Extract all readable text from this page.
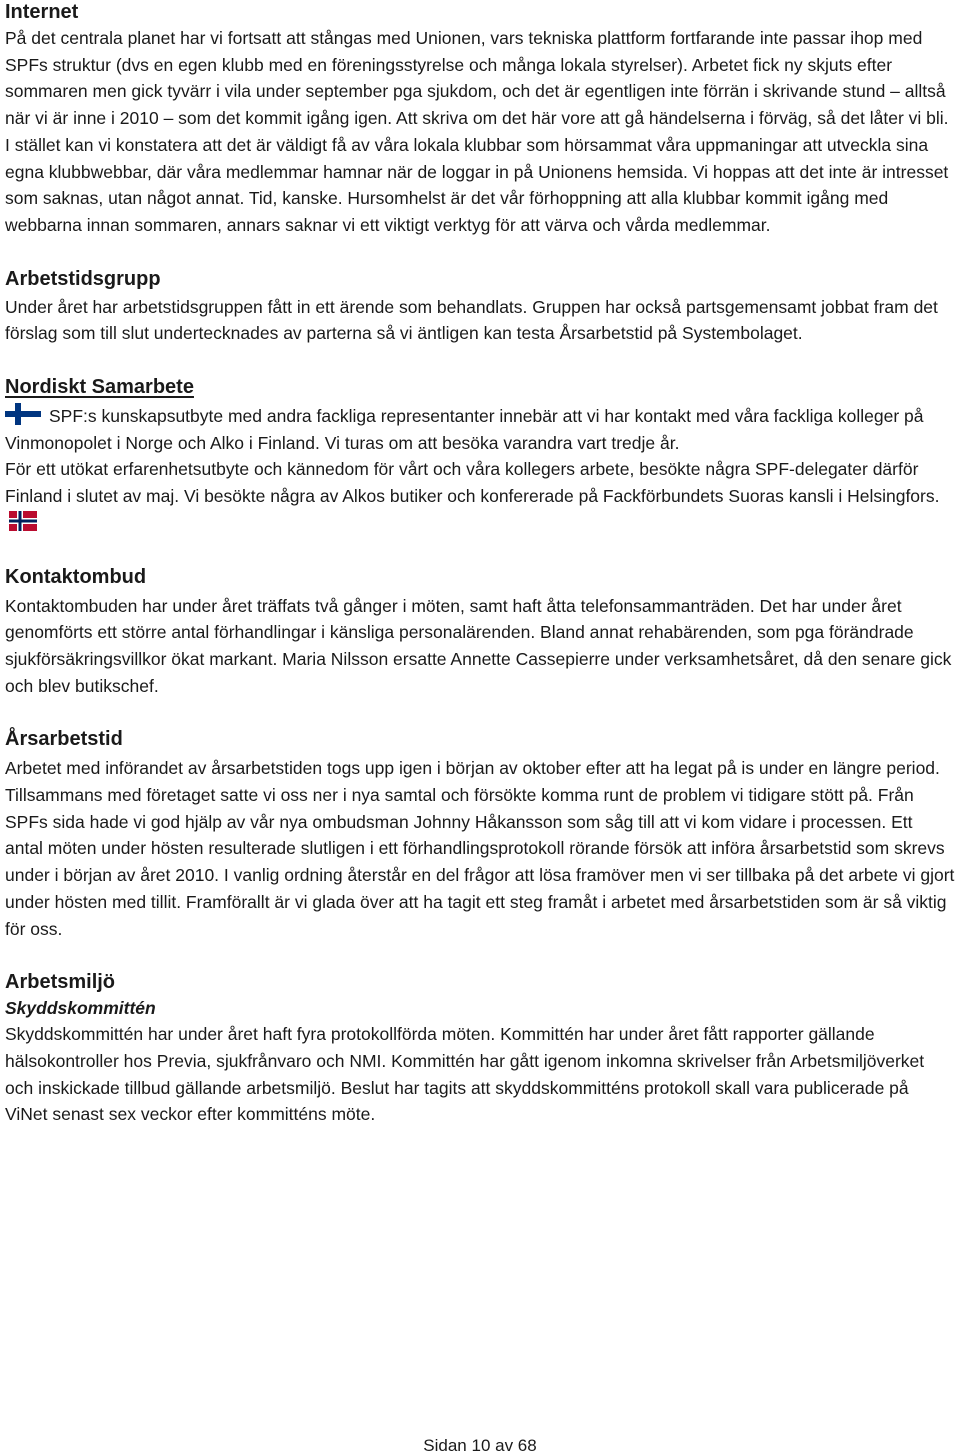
Internet

På det centrala planet har vi fortsatt att stångas med Unionen, vars tekniska plattform fortfarande inte passar ihop med SPFs struktur (dvs en egen klubb med en föreningsstyrelse och många lokala styrelser). Arbetet fick ny skjuts efter sommaren men gick tyvärr i vila under september pga sjukdom, och det är egentligen inte förrän i skrivande stund – alltså när vi är inne i 2010 – som det kommit igång igen. Att skriva om det här vore att gå händelserna i förväg, så det låter vi bli.

I stället kan vi konstatera att det är väldigt få av våra lokala klubbar som hörsammat våra uppmaningar att utveckla sina egna klubbwebbar, där våra medlemmar hamnar när de loggar in på Unionens hemsida. Vi hoppas att det inte är intresset som saknas, utan något annat. Tid, kanske. Hursomhelst är det vår förhoppning att alla klubbar kommit igång med webbarna innan sommaren, annars saknar vi ett viktigt verktyg för att värva och vårda medlemmar.

Arbetstidsgrupp

Under året har arbetstidsgruppen fått in ett ärende som behandlats. Gruppen har också partsgemensamt jobbat fram det förslag som till slut undertecknades av parterna så vi äntligen kan testa Årsarbetstid på Systembolaget.

Nordiskt Samarbete

SPF:s kunskapsutbyte med andra fackliga representanter innebär att vi har kontakt med våra fackliga kolleger på Vinmonopolet i Norge och Alko i Finland. Vi turas om att besöka varandra vart tredje år.

För ett utökat erfarenhetsutbyte och kännedom för vårt och våra kollegers arbete, besökte några SPF-delegater därför Finland i slutet av maj. Vi besökte några av Alkos butiker och konfererade på Fackförbundets Suoras kansli i Helsingfors.

Kontaktombud

Kontaktombuden har under året träffats två gånger i möten, samt haft åtta telefonsammanträden. Det har under året genomförts ett större antal förhandlingar i känsliga personalärenden. Bland annat rehabärenden, som pga förändrade sjukförsäkringsvillkor ökat markant. Maria Nilsson ersatte Annette Cassepierre under verksamhetsåret, då den senare gick och blev butikschef.

Årsarbetstid

Arbetet med införandet av årsarbetstiden togs upp igen i början av oktober efter att ha legat på is under en längre period. Tillsammans med företaget satte vi oss ner i nya samtal och försökte komma runt de problem vi tidigare stött på. Från SPFs sida hade vi god hjälp av vår nya ombudsman Johnny Håkansson som såg till att vi kom vidare i processen. Ett antal möten under hösten resulterade slutligen i ett förhandlingsprotokoll rörande försök att införa årsarbetstid som skrevs under i början av året 2010. I vanlig ordning återstår en del frågor att lösa framöver men vi ser tillbaka på det arbete vi gjort under hösten med tillit. Framförallt är vi glada över att ha tagit ett steg framåt i arbetet med årsarbetstiden som är så viktig för oss.

Arbetsmiljö

Skyddskommittén

Skyddskommittén har under året haft fyra protokollförda möten. Kommittén har under året fått rapporter gällande hälsokontroller hos Previa, sjukfrånvaro och NMI. Kommittén har gått igenom inkomna skrivelser från Arbetsmiljöverket och inskickade tillbud gällande arbetsmiljö. Beslut har tagits att skyddskommitténs protokoll skall vara publicerade på ViNet senast sex veckor efter kommitténs möte.

Sidan 10 av 68
